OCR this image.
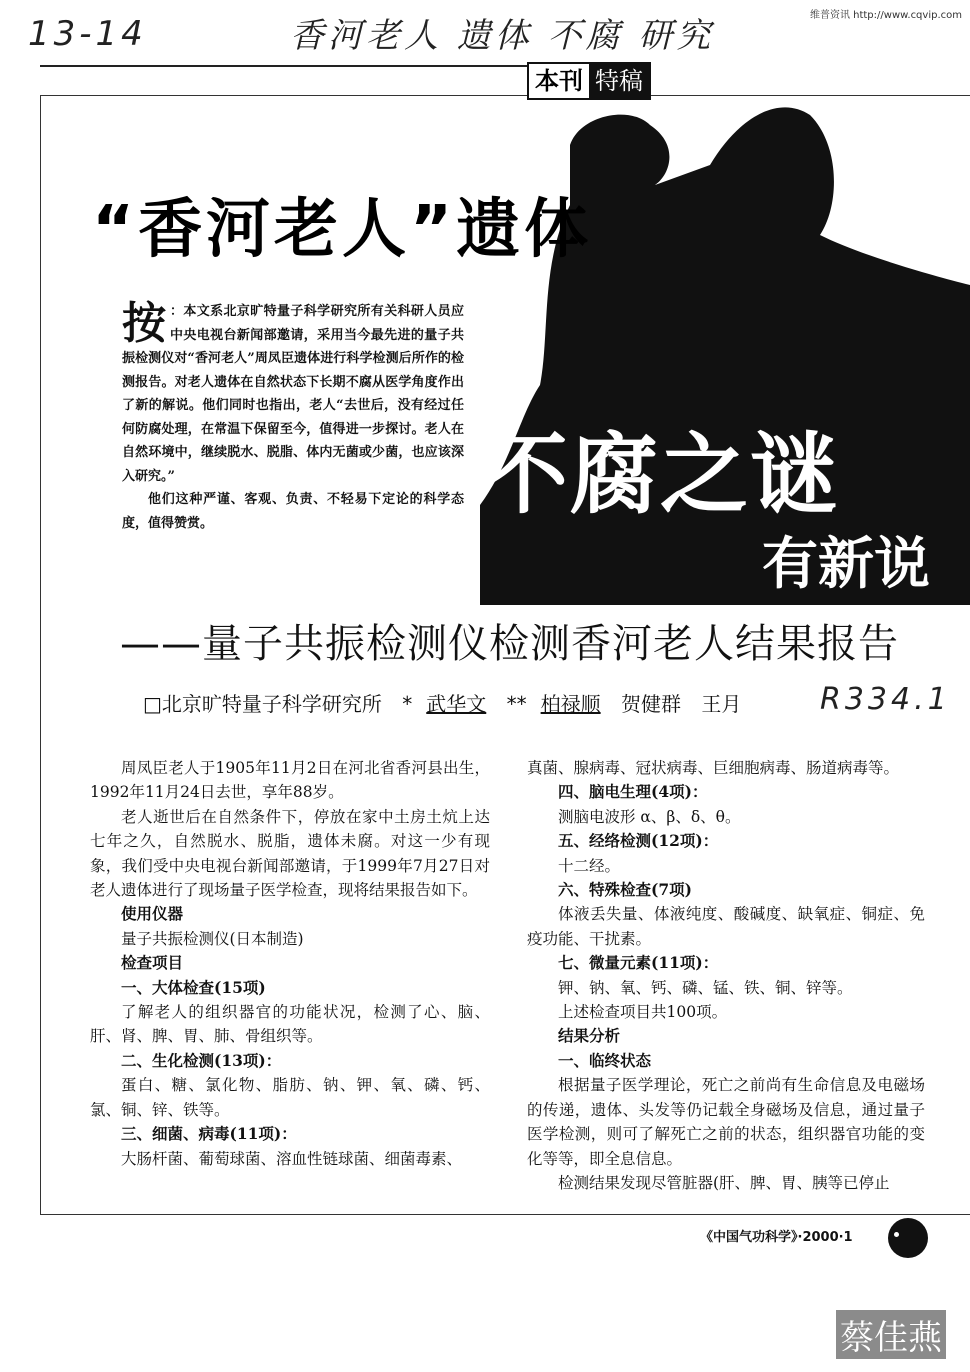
13-14	香河老人 遗体 不腐 研究
维普资讯 http://www.cqvip.com
本刊 特稿
“香河老人”遗体
不腐之谜
有新说
按 ：本文系北京旷特量子科学研究所有关科研人员应中央电视台新闻部邀请，采用当今最先进的量子共振检测仪对“香河老人”周凤臣遗体进行科学检测后所作的检测报告。对老人遗体在自然状态下长期不腐从医学角度作出了新的解说。他们同时也指出，老人“去世后，没有经过任何防腐处理，在常温下保留至今，值得进一步探讨。老人在自然环境中，继续脱水、脱脂、体内无菌或少菌，也应该深入研究。”

他们这种严谨、客观、负责、不轻易下定论的科学态度，值得赞赏。

——量子共振检测仪检测香河老人结果报告
□北京旷特量子科学研究所 * 武华文 ** 柏禄顺 贺健群 王月	R334.1

周凤臣老人于1905年11月2日在河北省香河县出生，1992年11月24日去世，享年88岁。

老人逝世后在自然条件下，停放在家中土房土炕上达七年之久，自然脱水、脱脂，遗体未腐。对这一少有现象，我们受中央电视台新闻部邀请，于1999年7月27日对老人遗体进行了现场量子医学检查，现将结果报告如下。

使用仪器

量子共振检测仪(日本制造)

检查项目

一、大体检查(15项)

了解老人的组织器官的功能状况，检测了心、脑、肝、肾、脾、胃、肺、骨组织等。

二、生化检测(13项)：

蛋白、糖、氯化物、脂肪、钠、钾、氧、磷、钙、氯、铜、锌、铁等。

三、细菌、病毒(11项)：

大肠杆菌、葡萄球菌、溶血性链球菌、细菌毒素、

真菌、腺病毒、冠状病毒、巨细胞病毒、肠道病毒等。

四、脑电生理(4项)：

测脑电波形 α、β、δ、θ。

五、经络检测(12项)：

十二经。

六、特殊检查(7项)

体液丢失量、体液纯度、酸碱度、缺氧症、铜症、免疫功能、干扰素。

七、微量元素(11项)：

钾、钠、氧、钙、磷、锰、铁、铜、锌等。

上述检查项目共100项。

结果分析

一、临终状态

根据量子医学理论，死亡之前尚有生命信息及电磁场的传递，遗体、头发等仍记载全身磁场及信息，通过量子医学检测，则可了解死亡之前的状态，组织器官功能的变化等等，即全息信息。

检测结果发现尽管脏器(肝、脾、胃、胰等已停止

《中国气功科学》·2000·1
蔡佳燕
